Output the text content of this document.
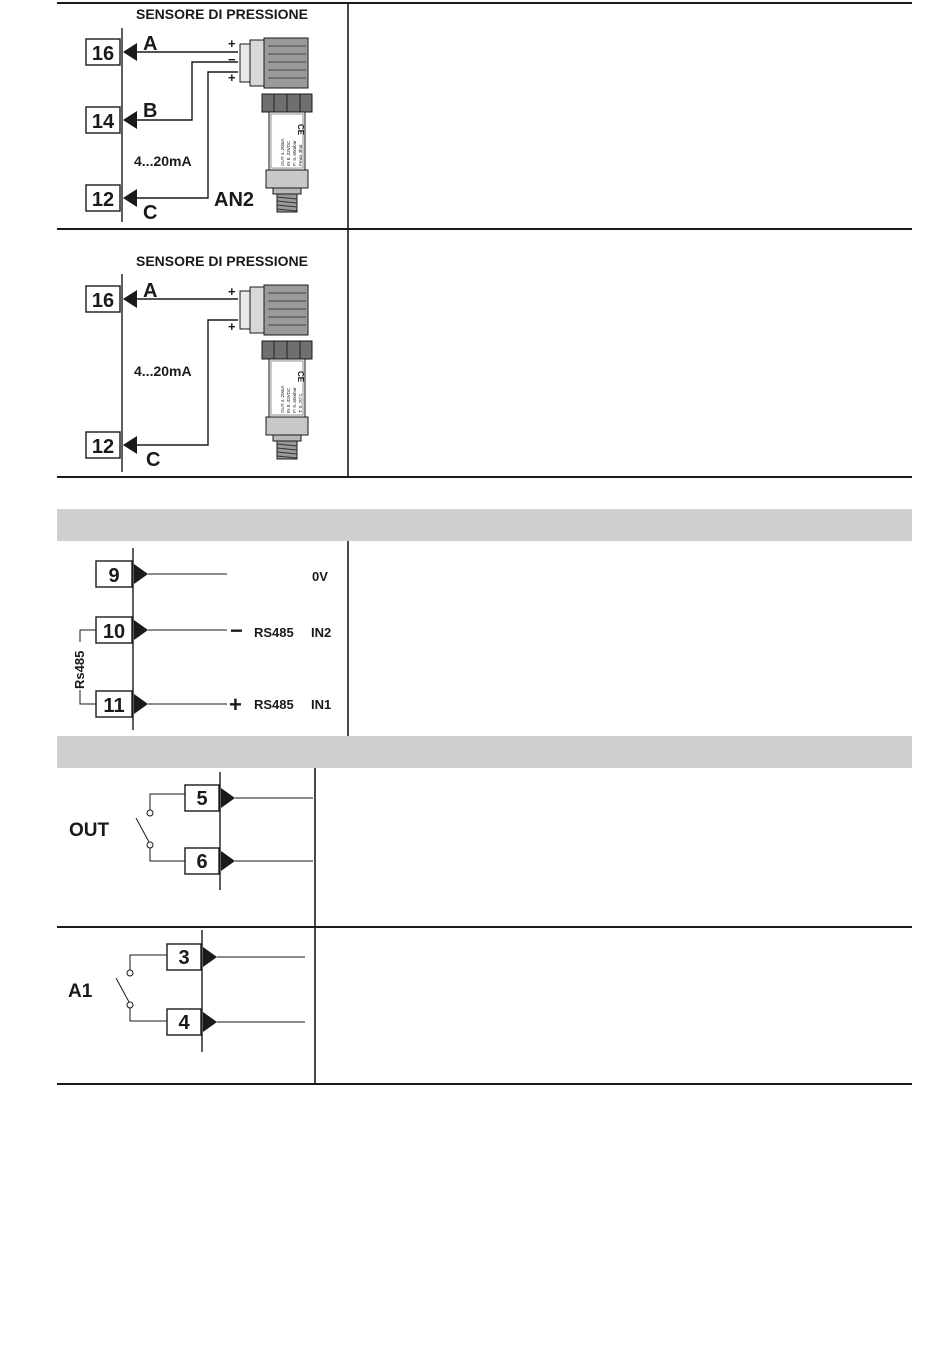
SENSORE DI PRESSIONE
16 A
14 B
4...20mA
12
C
AN2
+
−
+
OUT 4..20mA IN 8..33VDC P: 0..60mbar Pmax 3bar
CE
SENSORE DI PRESSIONE
16 A
4...20mA
12
C
+
+
OUT 4..20mA IN 8..33VDC P: 0..60mbar T: 0..70°C
CE
9	0V
10	− RS485 IN2
11	+ RS485 IN1
Rs485
OUT
5
6
A1
3
4
